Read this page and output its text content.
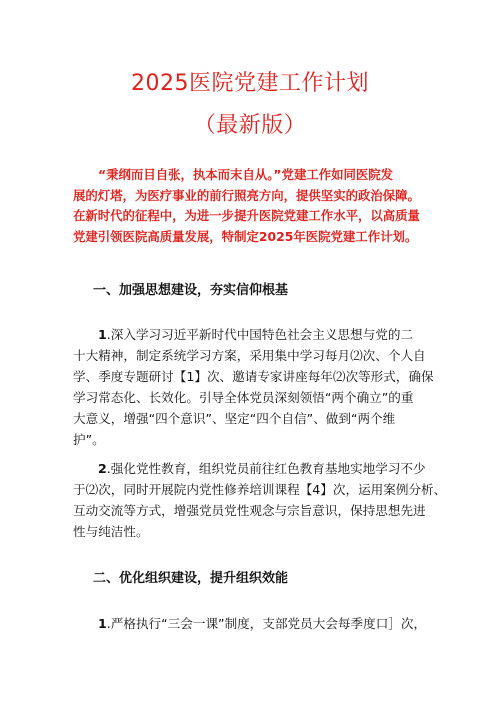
2025医院党建工作计划
（最新版）
“秉纲而目自张，执本而末自从。”党建工作如同医院发
展的灯塔，为医疗事业的前行照亮方向，提供坚实的政治保障。
在新时代的征程中，为进一步提升医院党建工作水平，以高质量
党建引领医院高质量发展，特制定2025年医院党建工作计划。
一、加强思想建设，夯实信仰根基
1.深入学习习近平新时代中国特色社会主义思想与党的二
十大精神，制定系统学习方案，采用集中学习每月⑵次、个人自
学、季度专题研讨【1】次、邀请专家讲座每年⑵次等形式，确保
学习常态化、长效化。引导全体党员深刻领悟“两个确立”的重
大意义，增强“四个意识”、坚定“四个自信”、做到“两个维
护”。
2.强化党性教育，组织党员前往红色教育基地实地学习不少
于⑵次，同时开展院内党性修养培训课程【4】次，运用案例分析、
互动交流等方式，增强党员党性观念与宗旨意识，保持思想先进
性与纯洁性。
二、优化组织建设，提升组织效能
1.严格执行“三会一课”制度，支部党员大会每季度口］次，
